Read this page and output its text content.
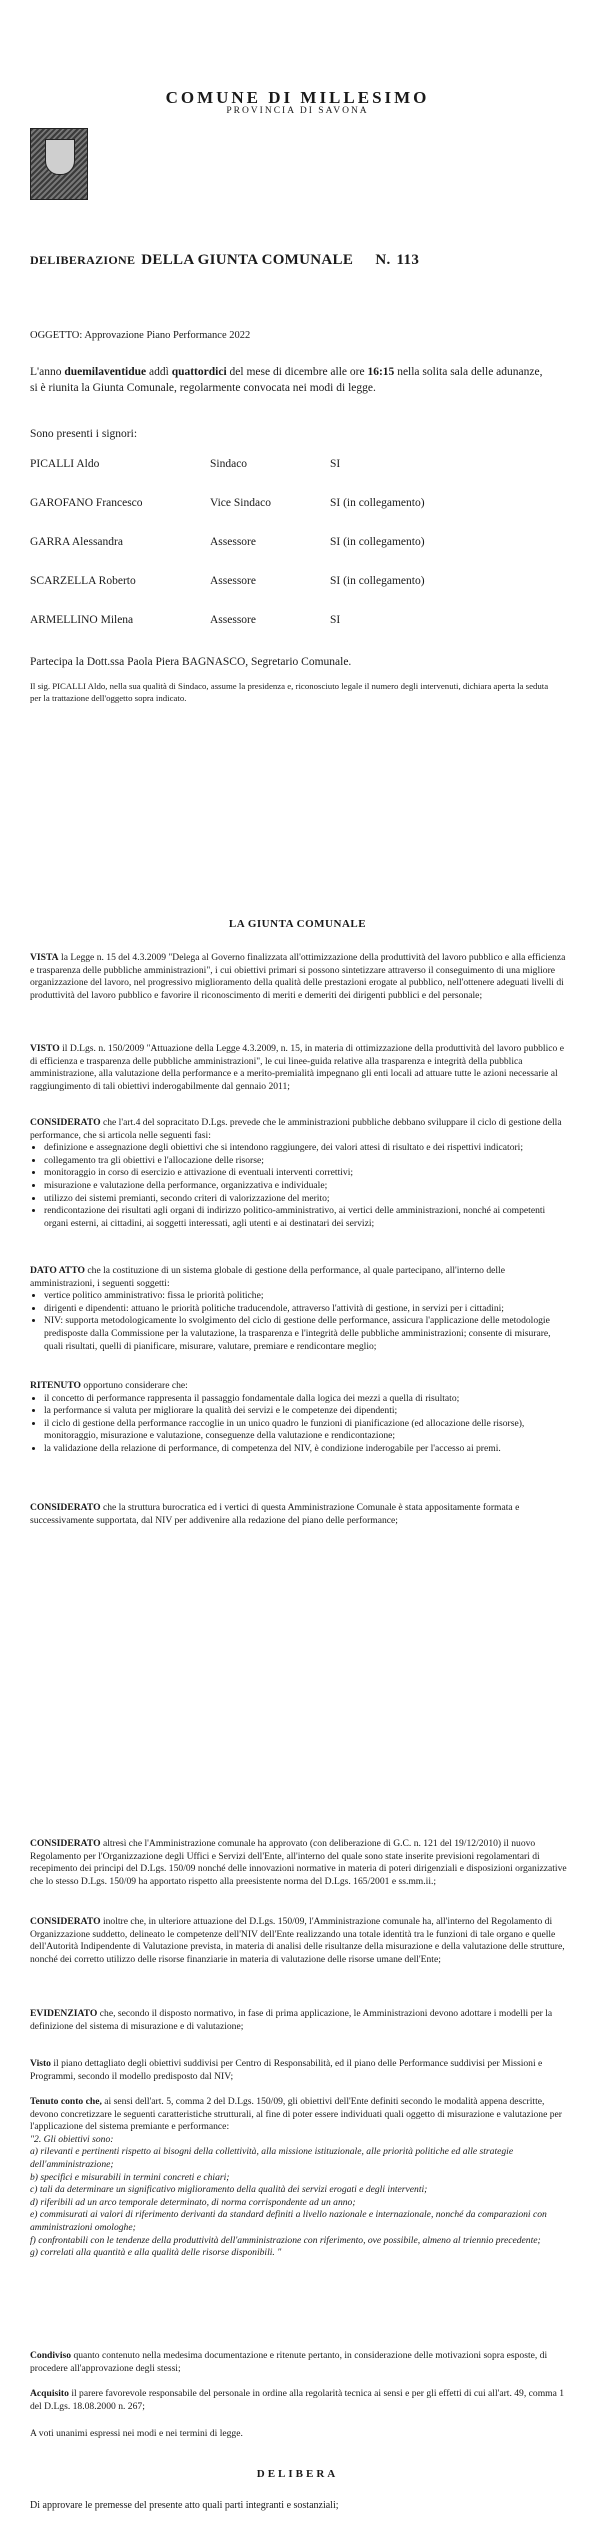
COMUNE DI MILLESIMO
PROVINCIA DI SAVONA
DELIBERAZIONE DELLA GIUNTA COMUNALE N. 113
OGGETTO: Approvazione Piano Performance 2022
L'anno duemilaventidue addì quattordici del mese di dicembre alle ore 16:15 nella solita sala delle adunanze, si è riunita la Giunta Comunale, regolarmente convocata nei modi di legge.
Sono presenti i signori:
PICALLI Aldo	Sindaco	SI
GAROFANO Francesco	Vice Sindaco	SI (in collegamento)
GARRA Alessandra	Assessore	SI (in collegamento)
SCARZELLA Roberto	Assessore	SI (in collegamento)
ARMELLINO Milena	Assessore	SI
Partecipa la Dott.ssa Paola Piera BAGNASCO, Segretario Comunale.
Il sig. PICALLI Aldo, nella sua qualità di Sindaco, assume la presidenza e, riconosciuto legale il numero degli intervenuti, dichiara aperta la seduta per la trattazione dell'oggetto sopra indicato.
LA GIUNTA COMUNALE
VISTA la Legge n. 15 del 4.3.2009 "Delega al Governo finalizzata all'ottimizzazione della produttività del lavoro pubblico e alla efficienza e trasparenza delle pubbliche amministrazioni", i cui obiettivi primari si possono sintetizzare attraverso il conseguimento di una migliore organizzazione del lavoro, nel progressivo miglioramento della qualità delle prestazioni erogate al pubblico, nell'ottenere adeguati livelli di produttività del lavoro pubblico e favorire il riconoscimento di meriti e demeriti dei dirigenti pubblici e del personale;
VISTO il D.Lgs. n. 150/2009 "Attuazione della Legge 4.3.2009, n. 15, in materia di ottimizzazione della produttività del lavoro pubblico e di efficienza e trasparenza delle pubbliche amministrazioni", le cui linee-guida relative alla trasparenza e integrità della pubblica amministrazione, alla valutazione della performance e a merito-premialità impegnano gli enti locali ad attuare tutte le azioni necessarie al raggiungimento di tali obiettivi inderogabilmente dal gennaio 2011;
CONSIDERATO che l'art.4 del sopracitato D.Lgs. prevede che le amministrazioni pubbliche debbano sviluppare il ciclo di gestione della performance, che si articola nelle seguenti fasi:
• definizione e assegnazione degli obiettivi che si intendono raggiungere, dei valori attesi di risultato e dei rispettivi indicatori;
• collegamento tra gli obiettivi e l'allocazione delle risorse;
• monitoraggio in corso di esercizio e attivazione di eventuali interventi correttivi;
• misurazione e valutazione della performance, organizzativa e individuale;
• utilizzo dei sistemi premianti, secondo criteri di valorizzazione del merito;
• rendicontazione dei risultati agli organi di indirizzo politico-amministrativo, ai vertici delle amministrazioni, nonché ai competenti organi esterni, ai cittadini, ai soggetti interessati, agli utenti e ai destinatari dei servizi;
DATO ATTO che la costituzione di un sistema globale di gestione della performance, al quale partecipano, all'interno delle amministrazioni, i seguenti soggetti:
• vertice politico amministrativo: fissa le priorità politiche;
• dirigenti e dipendenti: attuano le priorità politiche traducendole, attraverso l'attività di gestione, in servizi per i cittadini;
• NIV: supporta metodologicamente lo svolgimento del ciclo di gestione delle performance, assicura l'applicazione delle metodologie predisposte dalla Commissione per la valutazione, la trasparenza e l'integrità delle pubbliche amministrazioni; consente di misurare, quali risultati, quelli di pianificare, misurare, valutare, premiare e rendicontare meglio;
RITENUTO opportuno considerare che:
• il concetto di performance rappresenta il passaggio fondamentale dalla logica dei mezzi a quella di risultato;
• la performance si valuta per migliorare la qualità dei servizi e le competenze dei dipendenti;
• il ciclo di gestione della performance raccoglie in un unico quadro le funzioni di pianificazione (ed allocazione delle risorse), monitoraggio, misurazione e valutazione, conseguenze della valutazione e rendicontazione;
• la validazione della relazione di performance, di competenza del NIV, è condizione inderogabile per l'accesso ai premi.
CONSIDERATO che la struttura burocratica ed i vertici di questa Amministrazione Comunale è stata appositamente formata e successivamente supportata, dal NIV per addivenire alla redazione del piano delle performance;
CONSIDERATO altresì che l'Amministrazione comunale ha approvato (con deliberazione di G.C. n. 121 del 19/12/2010) il nuovo Regolamento per l'Organizzazione degli Uffici e Servizi dell'Ente, all'interno del quale sono state inserite previsioni regolamentari di recepimento dei principi del D.Lgs. 150/09 nonché delle innovazioni normative in materia di poteri dirigenziali e disposizioni organizzative che lo stesso D.Lgs. 150/09 ha apportato rispetto alla preesistente norma del D.Lgs. 165/2001 e ss.mm.ii.;
CONSIDERATO inoltre che, in ulteriore attuazione del D.Lgs. 150/09, l'Amministrazione comunale ha, all'interno del Regolamento di Organizzazione suddetto, delineato le competenze dell'NIV dell'Ente realizzando una totale identità tra le funzioni di tale organo e quelle dell'Autorità Indipendente di Valutazione prevista, in materia di analisi delle risultanze della misurazione e della valutazione delle strutture, nonché dei corretto utilizzo delle risorse finanziarie in materia di valutazione delle risorse umane dell'Ente;
EVIDENZIATO che, secondo il disposto normativo, in fase di prima applicazione, le Amministrazioni devono adottare i modelli per la definizione del sistema di misurazione e di valutazione;
Visto il piano dettagliato degli obiettivi suddivisi per Centro di Responsabilità, ed il piano delle Performance suddivisi per Missioni e Programmi, secondo il modello predisposto dal NIV;
Tenuto conto che, ai sensi dell'art. 5, comma 2 del D.Lgs. 150/09, gli obiettivi dell'Ente definiti secondo le modalità appena descritte, devono concretizzare le seguenti caratteristiche strutturali, al fine di poter essere individuati quali oggetto di misurazione e valutazione per l'applicazione del sistema premiante e performance:
"2. Gli obiettivi sono:
a) rilevanti e pertinenti rispetto ai bisogni della collettività, alla missione istituzionale, alle priorità politiche ed alle strategie dell'amministrazione;
b) specifici e misurabili in termini concreti e chiari;
c) tali da determinare un significativo miglioramento della qualità dei servizi erogati e degli interventi;
d) riferibili ad un arco temporale determinato, di norma corrispondente ad un anno;
e) commisurati ai valori di riferimento derivanti da standard definiti a livello nazionale e internazionale, nonché da comparazioni con amministrazioni omologhe;
f) confrontabili con le tendenze della produttività dell'amministrazione con riferimento, ove possibile, almeno al triennio precedente;
g) correlati alla quantità e alla qualità delle risorse disponibili. "
Condiviso quanto contenuto nella medesima documentazione e ritenute pertanto, in considerazione delle motivazioni sopra esposte, di procedere all'approvazione degli stessi;
Acquisito il parere favorevole responsabile del personale in ordine alla regolarità tecnica ai sensi e per gli effetti di cui all'art. 49, comma 1 del D.Lgs. 18.08.2000 n. 267;
A voti unanimi espressi nei modi e nei termini di legge.
DELIBERA
Di approvare le premesse del presente atto quali parti integranti e sostanziali;
